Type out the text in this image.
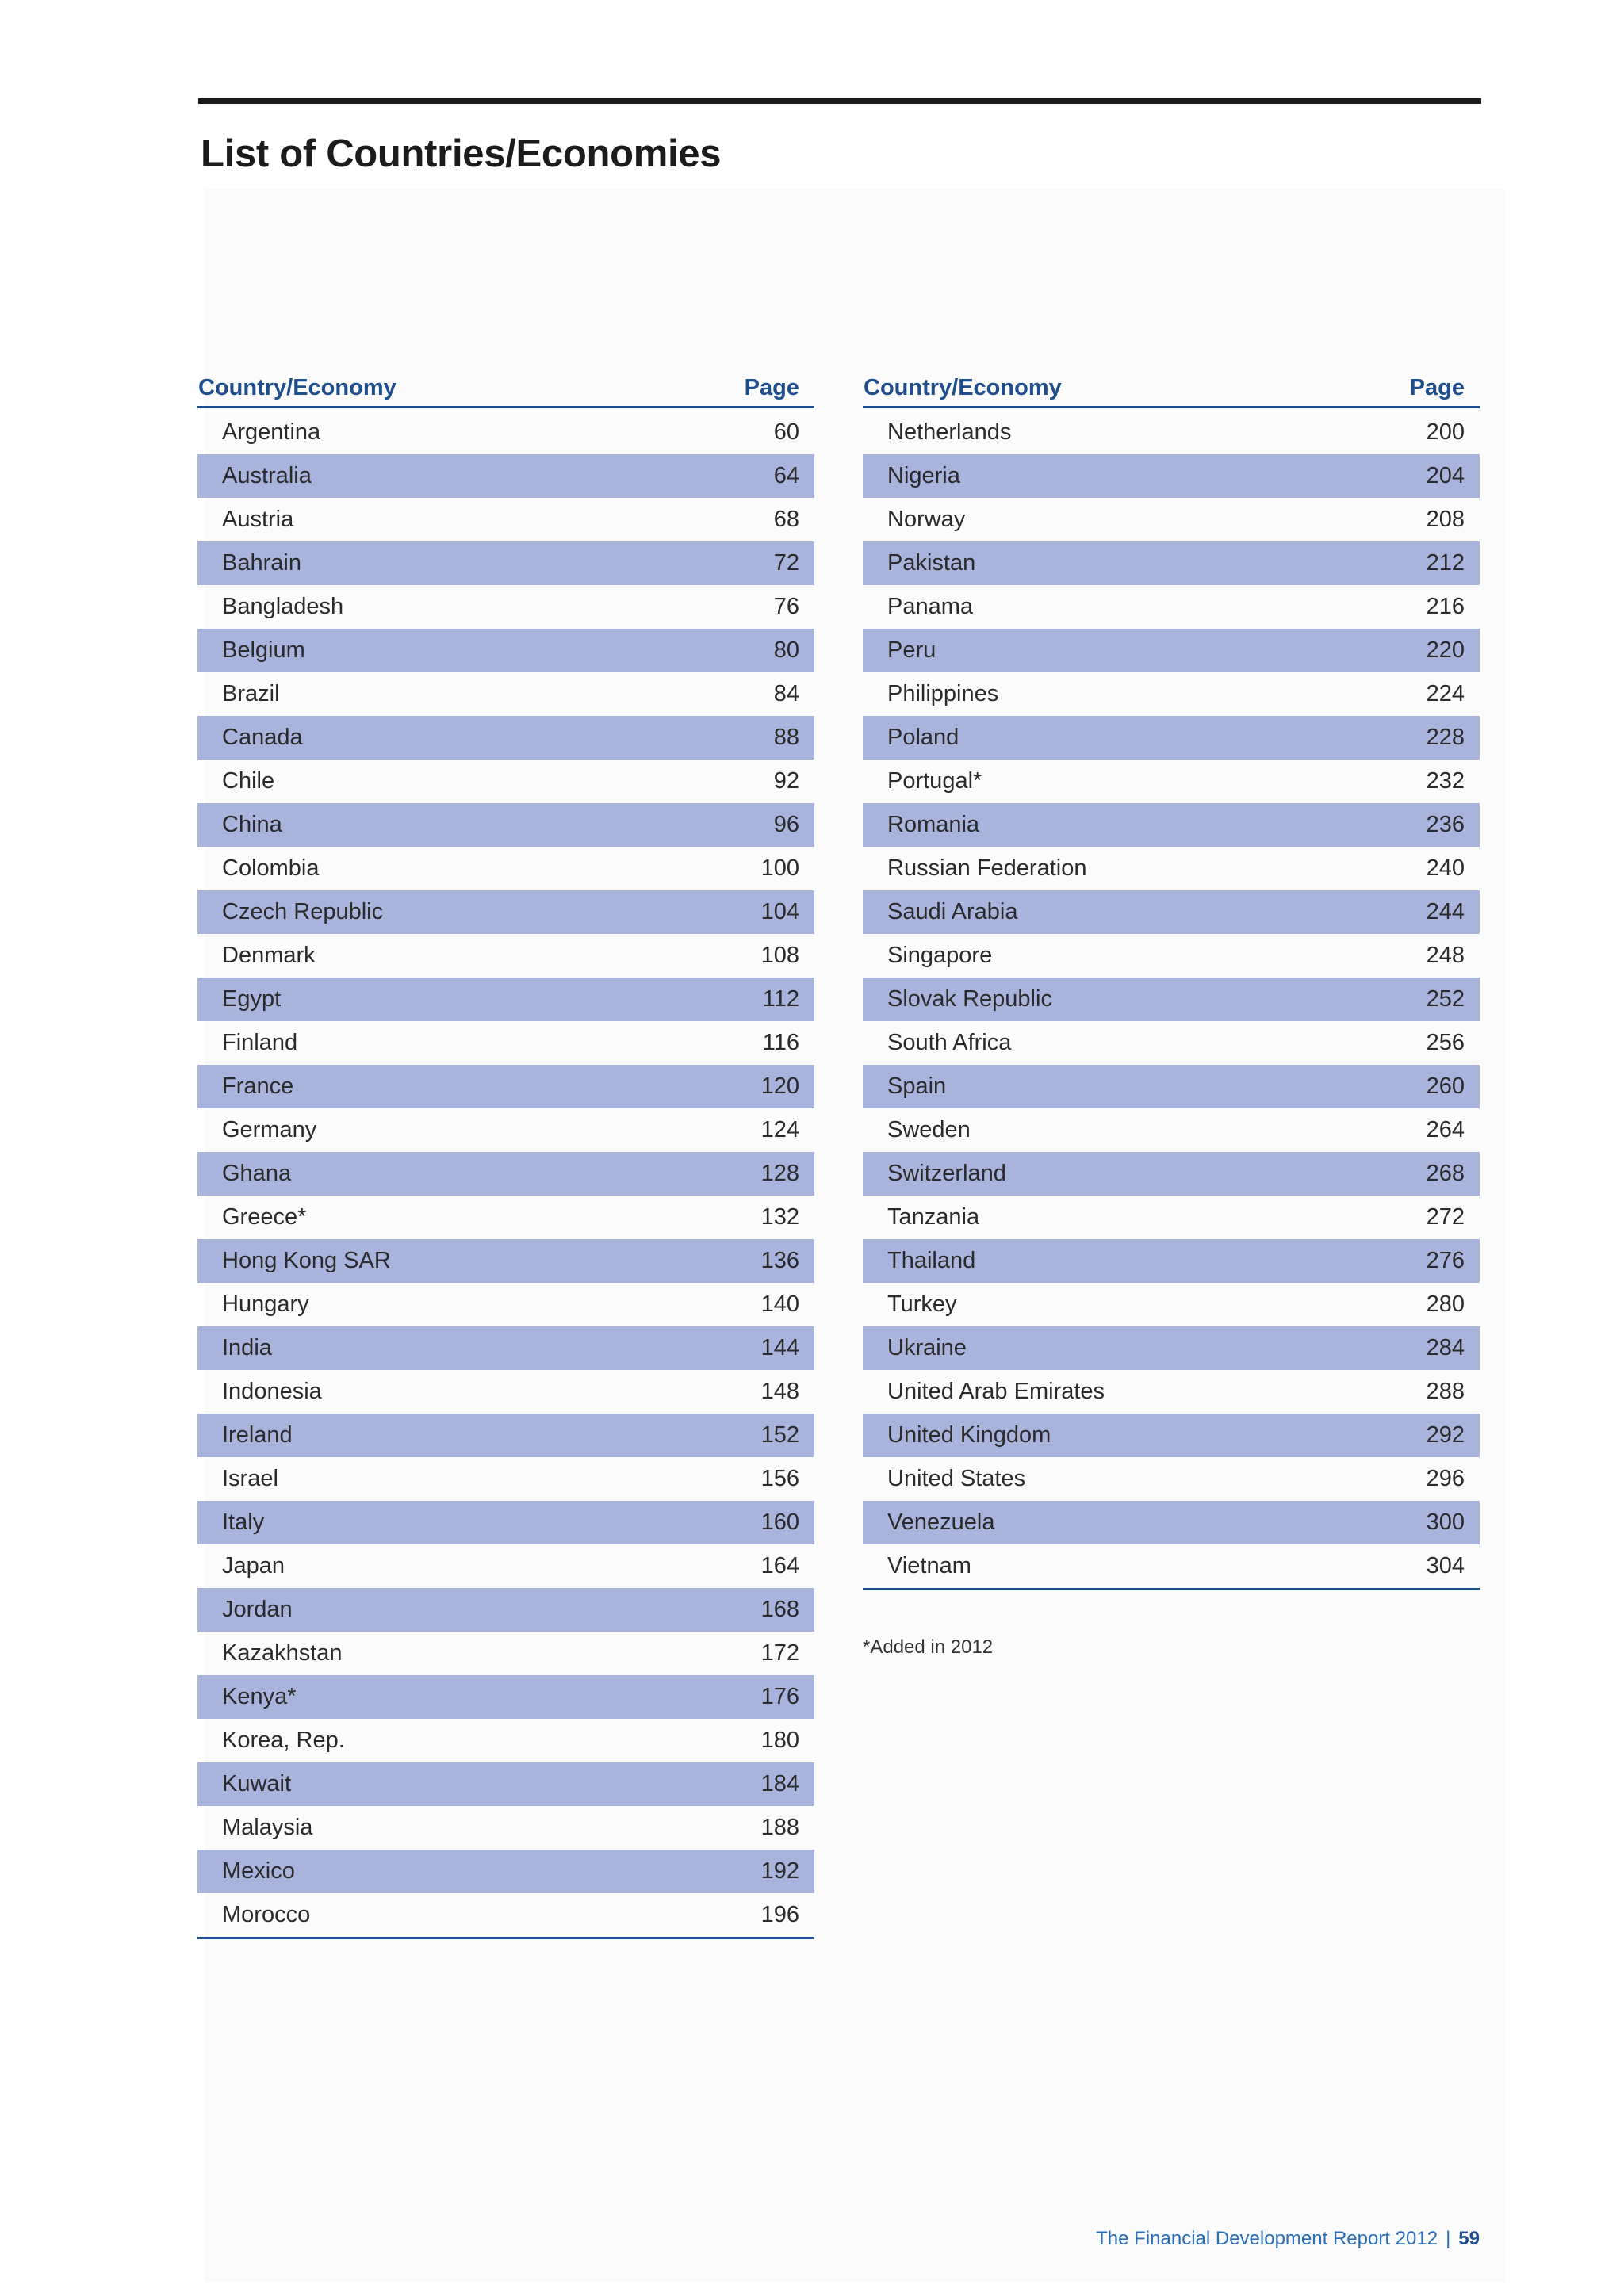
List of Countries/Economies
Country/Economy	Page
Argentina	60
Australia	64
Austria	68
Bahrain	72
Bangladesh	76
Belgium	80
Brazil	84
Canada	88
Chile	92
China	96
Colombia	100
Czech Republic	104
Denmark	108
Egypt	112
Finland	116
France	120
Germany	124
Ghana	128
Greece*	132
Hong Kong SAR	136
Hungary	140
India	144
Indonesia	148
Ireland	152
Israel	156
Italy	160
Japan	164
Jordan	168
Kazakhstan	172
Kenya*	176
Korea, Rep.	180
Kuwait	184
Malaysia	188
Mexico	192
Morocco	196
Country/Economy	Page
Netherlands	200
Nigeria	204
Norway	208
Pakistan	212
Panama	216
Peru	220
Philippines	224
Poland	228
Portugal*	232
Romania	236
Russian Federation	240
Saudi Arabia	244
Singapore	248
Slovak Republic	252
South Africa	256
Spain	260
Sweden	264
Switzerland	268
Tanzania	272
Thailand	276
Turkey	280
Ukraine	284
United Arab Emirates	288
United Kingdom	292
United States	296
Venezuela	300
Vietnam	304
*Added in 2012
The Financial Development Report 2012 | 59
